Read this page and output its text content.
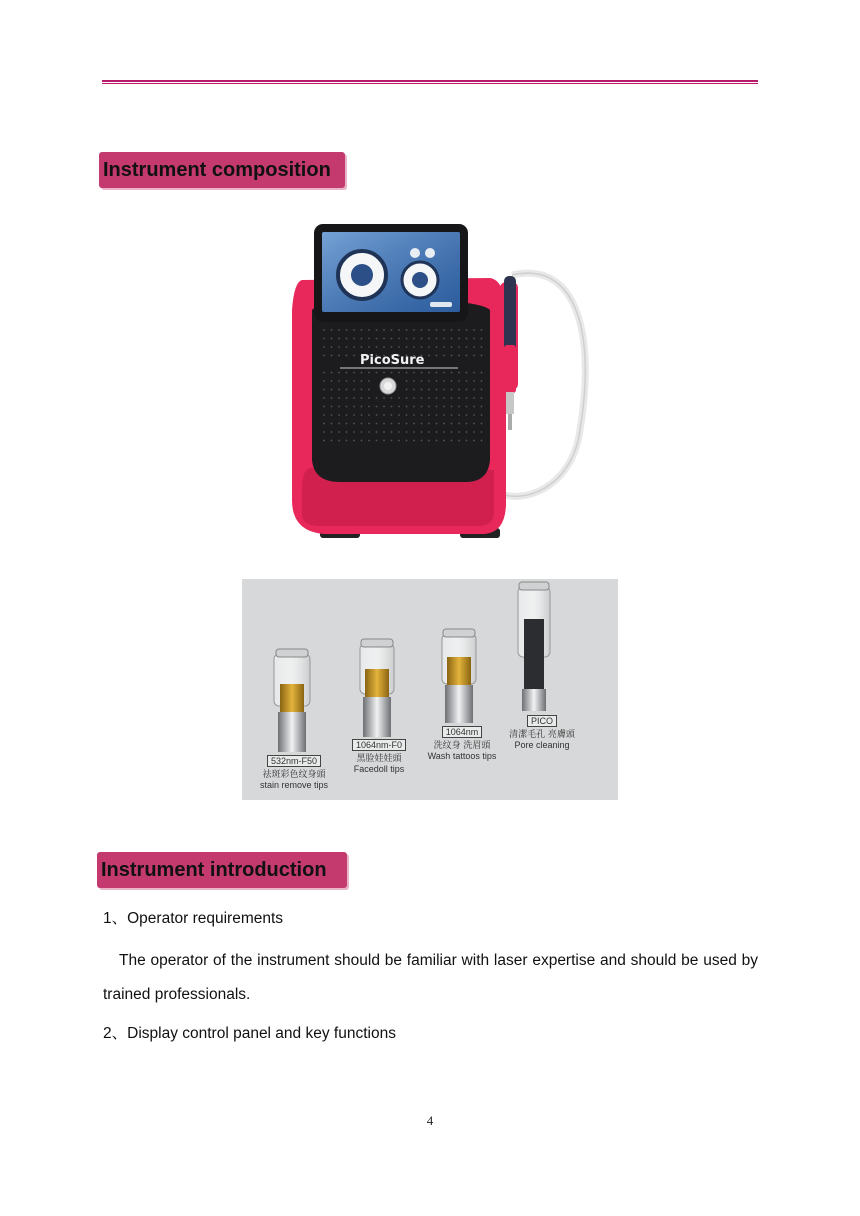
Instrument composition
PicoSure
532nm-F50
祛斑彩色纹身頭
stain remove tips
1064nm-F0
黑脸娃娃頭
Facedoll tips
1064nm
洗纹身 洗眉頭
Wash tattoos tips
PICO
清潔毛孔 亮膚頭
Pore cleaning
Instrument introduction
1、Operator requirements
The operator of the instrument should be familiar with laser expertise and should be used by trained professionals.
2、Display control panel and key functions
4
